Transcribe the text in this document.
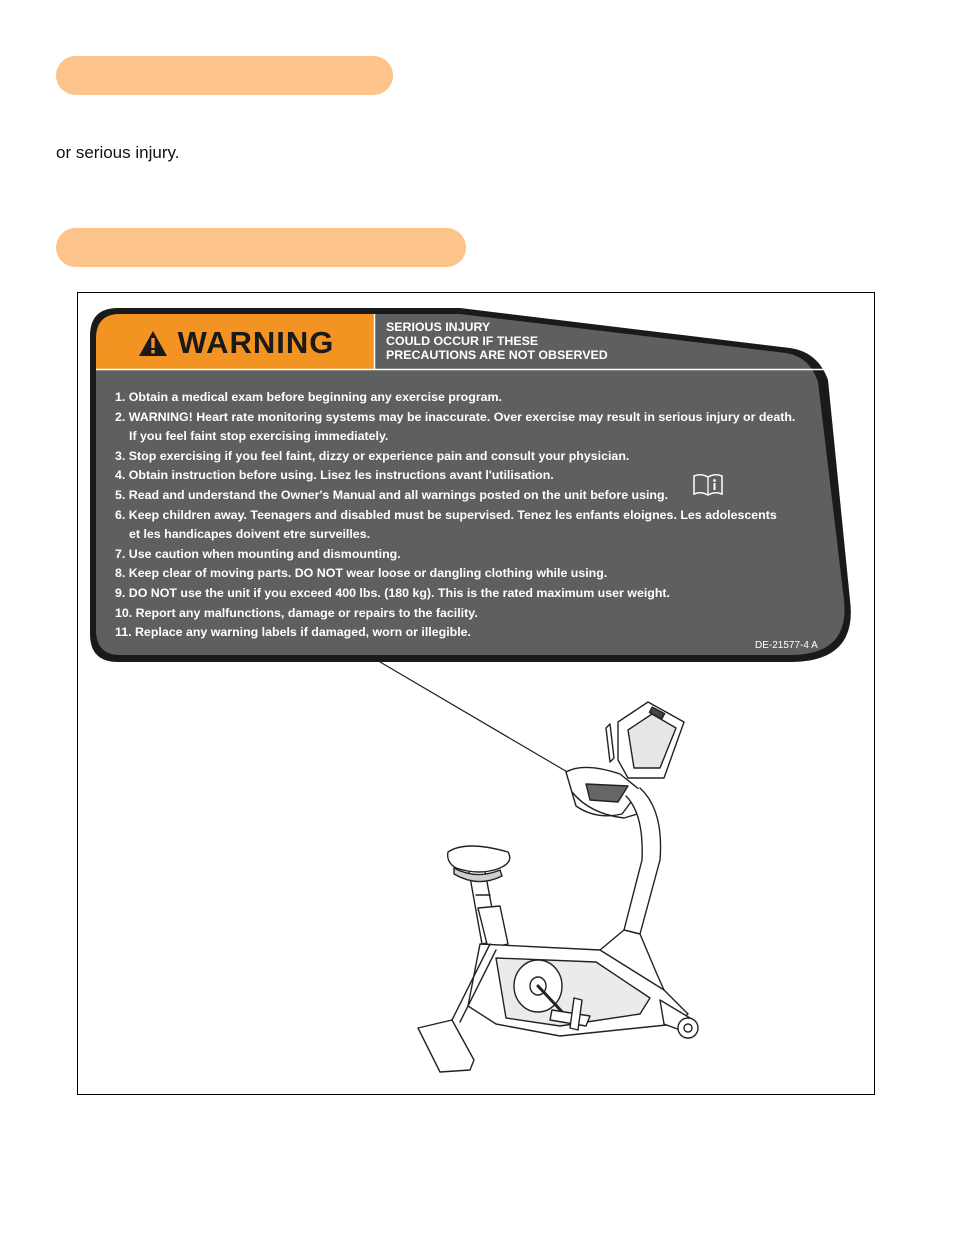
or serious injury.
WARNING	SERIOUS INJURY
COULD OCCUR IF THESE
PRECAUTIONS ARE NOT OBSERVED
1. Obtain a medical exam before beginning any exercise program.
2. WARNING! Heart rate monitoring systems may be inaccurate. Over exercise may result in serious injury or death.
If you feel faint stop exercising immediately.
3. Stop exercising if you feel faint, dizzy or experience pain and consult your physician.
4. Obtain instruction before using. Lisez les instructions avant l'utilisation.
5. Read and understand the Owner's Manual and all warnings posted on the unit before using.
6. Keep children away. Teenagers and disabled must be supervised. Tenez les enfants eloignes. Les adolescents
et les handicapes doivent etre surveilles.
7. Use caution when mounting and dismounting.
8. Keep clear of moving parts. DO NOT wear loose or dangling clothing while using.
9. DO NOT use the unit if you exceed 400 lbs. (180 kg). This is the rated maximum user weight.
10. Report any malfunctions, damage or repairs to the facility.
11. Replace any warning labels if damaged, worn or illegible.
DE-21577-4 A
